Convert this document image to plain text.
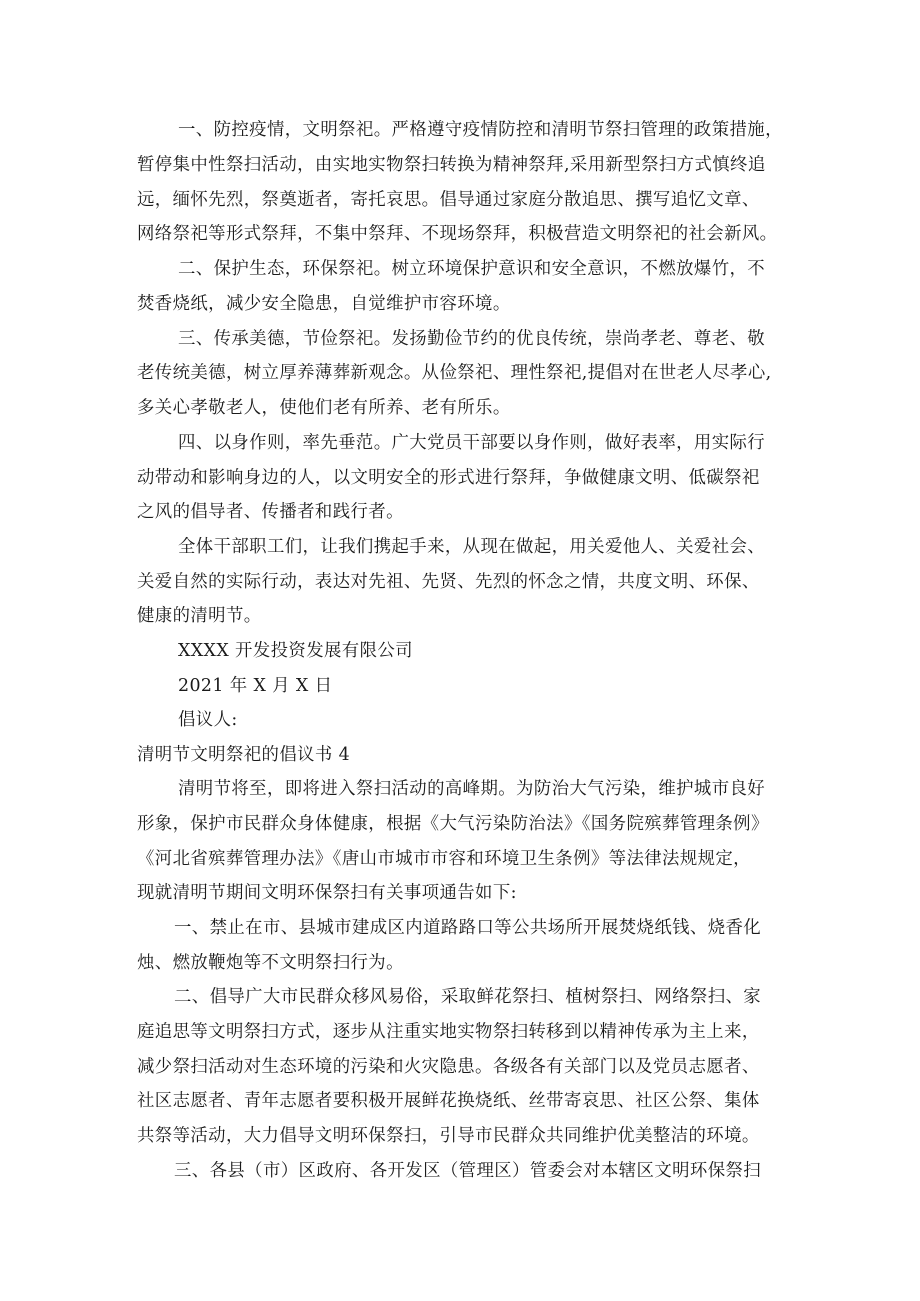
一、防控疫情，文明祭祀。严格遵守疫情防控和清明节祭扫管理的政策措施，
暂停集中性祭扫活动，由实地实物祭扫转换为精神祭拜,采用新型祭扫方式慎终追
远，缅怀先烈，祭奠逝者，寄托哀思。倡导通过家庭分散追思、撰写追忆文章、
网络祭祀等形式祭拜，不集中祭拜、不现场祭拜，积极营造文明祭祀的社会新风。
二、保护生态，环保祭祀。树立环境保护意识和安全意识，不燃放爆竹，不
焚香烧纸，减少安全隐患，自觉维护市容环境。
三、传承美德，节俭祭祀。发扬勤俭节约的优良传统，崇尚孝老、尊老、敬
老传统美德，树立厚养薄葬新观念。从俭祭祀、理性祭祀,提倡对在世老人尽孝心,
多关心孝敬老人，使他们老有所养、老有所乐。
四、以身作则，率先垂范。广大党员干部要以身作则，做好表率，用实际行
动带动和影响身边的人，以文明安全的形式进行祭拜，争做健康文明、低碳祭祀
之风的倡导者、传播者和践行者。
全体干部职工们，让我们携起手来，从现在做起，用关爱他人、关爱社会、
关爱自然的实际行动，表达对先祖、先贤、先烈的怀念之情，共度文明、环保、
健康的清明节。
XXXX 开发投资发展有限公司
2021 年 X 月 X 日
倡议人:
清明节文明祭祀的倡议书 4
清明节将至，即将进入祭扫活动的高峰期。为防治大气污染，维护城市良好
形象，保护市民群众身体健康，根据《大气污染防治法》《国务院殡葬管理条例》
《河北省殡葬管理办法》《唐山市城市市容和环境卫生条例》等法律法规规定，
现就清明节期间文明环保祭扫有关事项通告如下:
一、禁止在市、县城市建成区内道路路口等公共场所开展焚烧纸钱、烧香化
烛、燃放鞭炮等不文明祭扫行为。
二、倡导广大市民群众移风易俗，采取鲜花祭扫、植树祭扫、网络祭扫、家
庭追思等文明祭扫方式，逐步从注重实地实物祭扫转移到以精神传承为主上来，
减少祭扫活动对生态环境的污染和火灾隐患。各级各有关部门以及党员志愿者、
社区志愿者、青年志愿者要积极开展鲜花换烧纸、丝带寄哀思、社区公祭、集体
共祭等活动，大力倡导文明环保祭扫，引导市民群众共同维护优美整洁的环境。
三、各县（市）区政府、各开发区（管理区）管委会对本辖区文明环保祭扫
